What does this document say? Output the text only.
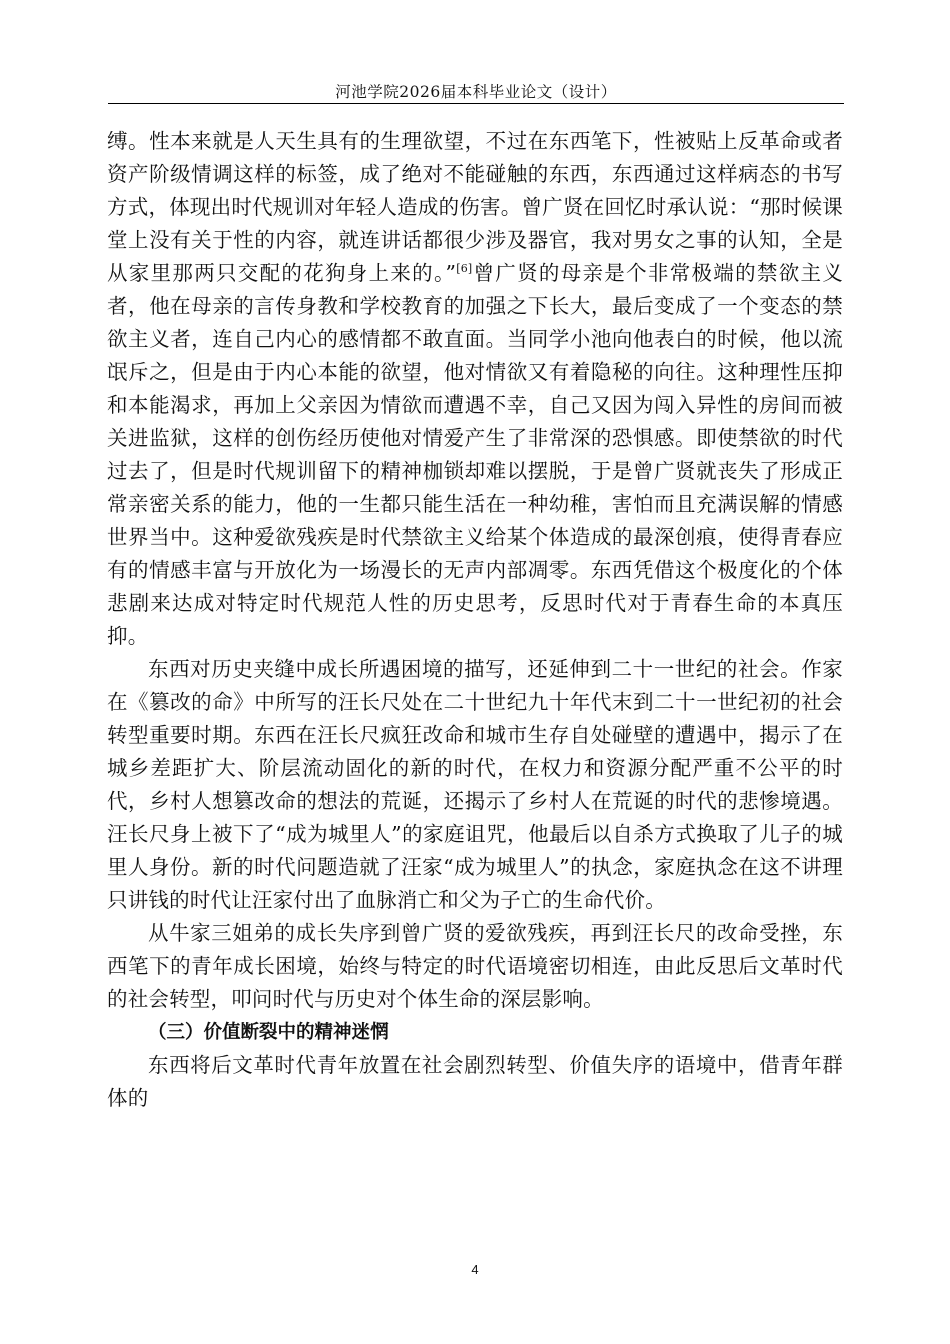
河池学院2026届本科毕业论文（设计）

缚。性本来就是人天生具有的生理欲望，不过在东西笔下，性被贴上反革命或者资产阶级情调这样的标签，成了绝对不能碰触的东西，东西通过这样病态的书写方式，体现出时代规训对年轻人造成的伤害。曾广贤在回忆时承认说：“那时候课堂上没有关于性的内容，就连讲话都很少涉及器官，我对男女之事的认知，全是从家里那两只交配的花狗身上来的。”[6]曾广贤的母亲是个非常极端的禁欲主义者，他在母亲的言传身教和学校教育的加强之下长大，最后变成了一个变态的禁欲主义者，连自己内心的感情都不敢直面。当同学小池向他表白的时候，他以流氓斥之，但是由于内心本能的欲望，他对情欲又有着隐秘的向往。这种理性压抑和本能渴求，再加上父亲因为情欲而遭遇不幸，自己又因为闯入异性的房间而被关进监狱，这样的创伤经历使他对情爱产生了非常深的恐惧感。即使禁欲的时代过去了，但是时代规训留下的精神枷锁却难以摆脱，于是曾广贤就丧失了形成正常亲密关系的能力，他的一生都只能生活在一种幼稚，害怕而且充满误解的情感世界当中。这种爱欲残疾是时代禁欲主义给某个体造成的最深创痕，使得青春应有的情感丰富与开放化为一场漫长的无声内部凋零。东西凭借这个极度化的个体悲剧来达成对特定时代规范人性的历史思考，反思时代对于青春生命的本真压抑。

东西对历史夹缝中成长所遇困境的描写，还延伸到二十一世纪的社会。作家在《篡改的命》中所写的汪长尺处在二十世纪九十年代末到二十一世纪初的社会转型重要时期。东西在汪长尺疯狂改命和城市生存自处碰壁的遭遇中，揭示了在城乡差距扩大、阶层流动固化的新的时代，在权力和资源分配严重不公平的时代，乡村人想篡改命的想法的荒诞，还揭示了乡村人在荒诞的时代的悲惨境遇。汪长尺身上被下了“成为城里人”的家庭诅咒，他最后以自杀方式换取了儿子的城里人身份。新的时代问题造就了汪家“成为城里人”的执念，家庭执念在这不讲理只讲钱的时代让汪家付出了血脉消亡和父为子亡的生命代价。

从牛家三姐弟的成长失序到曾广贤的爱欲残疾，再到汪长尺的改命受挫，东西笔下的青年成长困境，始终与特定的时代语境密切相连，由此反思后文革时代的社会转型，叩问时代与历史对个体生命的深层影响。

（三）价值断裂中的精神迷惘

东西将后文革时代青年放置在社会剧烈转型、价值失序的语境中，借青年群体的

4
